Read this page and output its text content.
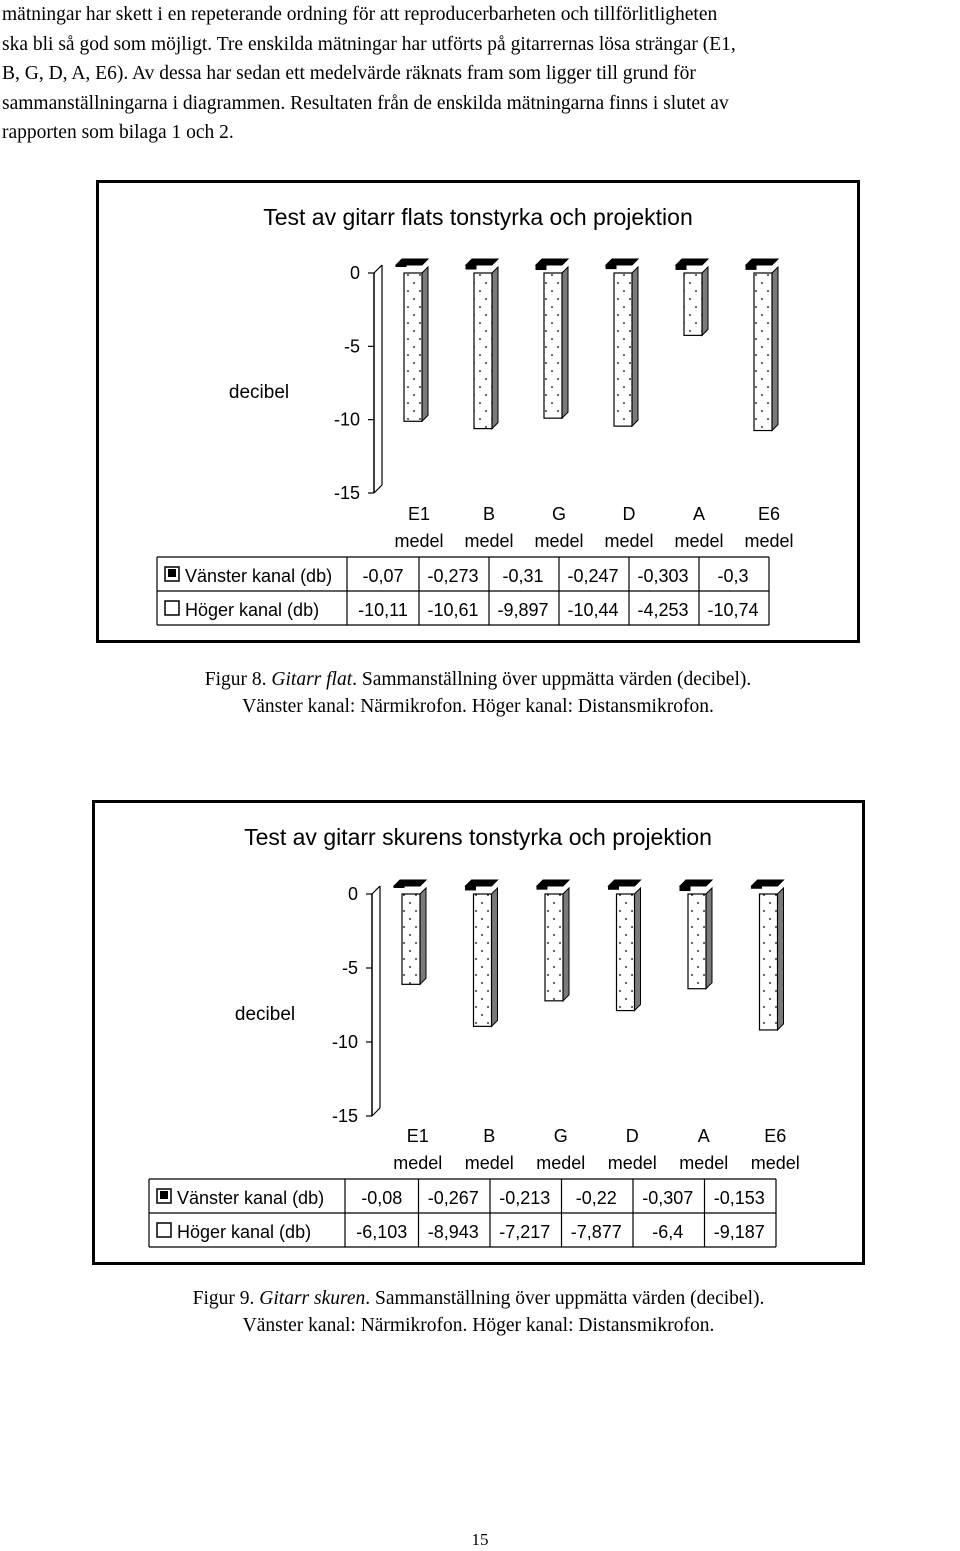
mätningar har skett i en repeterande ordning för att reproducerbarheten och tillförlitligheten
ska bli så god som möjligt. Tre enskilda mätningar har utförts på gitarrernas lösa strängar (E1,
B, G, D, A, E6). Av dessa har sedan ett medelvärde räknats fram som ligger till grund för
sammanställningarna i diagrammen. Resultaten från de enskilda mätningarna finns i slutet av
rapporten som bilaga 1 och 2.
Test av gitarr flats tonstyrka och projektion
decibel
0
-5
-10
-15
E1
medel
B
medel
G
medel
D
medel
A
medel
E6
medel
Vänster kanal (db) -0,07 -0,273 -0,31 -0,247 -0,303 -0,3
Höger kanal (db) -10,11 -10,61 -9,897 -10,44 -4,253 -10,74
Figur 8. Gitarr flat. Sammanställning över uppmätta värden (decibel).
Vänster kanal: Närmikrofon. Höger kanal: Distansmikrofon.
Test av gitarr skurens tonstyrka och projektion
decibel
0
-5
-10
-15
E1
medel
B
medel
G
medel
D
medel
A
medel
E6
medel
Vänster kanal (db) -0,08 -0,267 -0,213 -0,22 -0,307 -0,153
Höger kanal (db)	-6,103 -8,943 -7,217 -7,877 -6,4 -9,187
Figur 9. Gitarr skuren. Sammanställning över uppmätta värden (decibel).
Vänster kanal: Närmikrofon. Höger kanal: Distansmikrofon.
15
